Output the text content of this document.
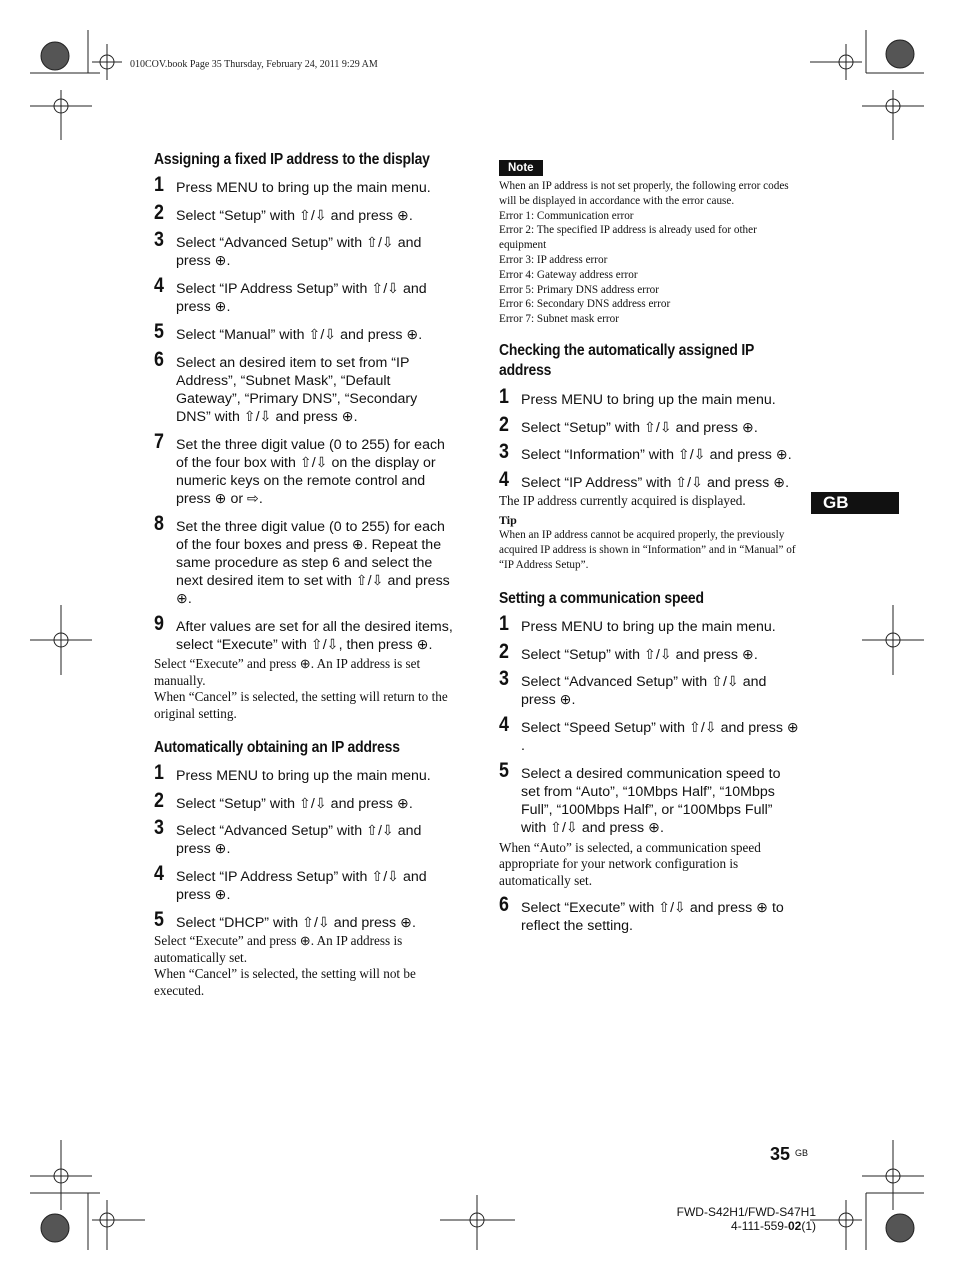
010COV.book Page 35 Thursday, February 24, 2011 9:29 AM
GB
Assigning a fixed IP address to the display
1 Press MENU to bring up the main menu.
2 Select “Setup” with ⇧/⇩ and press ⊕.
3 Select “Advanced Setup” with ⇧/⇩ and press ⊕.
4 Select “IP Address Setup” with ⇧/⇩ and press ⊕.
5 Select “Manual” with ⇧/⇩ and press ⊕.
6 Select an desired item to set from “IP Address”, “Subnet Mask”, “Default Gateway”, “Primary DNS”, “Secondary DNS” with ⇧/⇩ and press ⊕.
7 Set the three digit value (0 to 255) for each of the four box with ⇧/⇩ on the display or numeric keys on the remote control and press ⊕ or ⇨.
8 Set the three digit value (0 to 255) for each of the four boxes and press ⊕. Repeat the same procedure as step 6 and select the next desired item to set with ⇧/⇩ and press ⊕.
9 After values are set for all the desired items, select “Execute” with ⇧/⇩, then press ⊕.
Select “Execute” and press ⊕. An IP address is set manually.
When “Cancel” is selected, the setting will return to the original setting.
Automatically obtaining an IP address
1 Press MENU to bring up the main menu.
2 Select “Setup” with ⇧/⇩ and press ⊕.
3 Select “Advanced Setup” with ⇧/⇩ and press ⊕.
4 Select “IP Address Setup” with ⇧/⇩ and press ⊕.
5 Select “DHCP” with ⇧/⇩ and press ⊕.
Select “Execute” and press ⊕. An IP address is automatically set.
When “Cancel” is selected, the setting will not be executed.
Note
When an IP address is not set properly, the following error codes will be displayed in accordance with the error cause.
Error 1: Communication error
Error 2: The specified IP address is already used for other equipment
Error 3: IP address error
Error 4: Gateway address error
Error 5: Primary DNS address error
Error 6: Secondary DNS address error
Error 7: Subnet mask error
Checking the automatically assigned IP address
1 Press MENU to bring up the main menu.
2 Select “Setup” with ⇧/⇩ and press ⊕.
3 Select “Information” with ⇧/⇩ and press ⊕.
4 Select “IP Address” with ⇧/⇩ and press ⊕.
The IP address currently acquired is displayed.
Tip
When an IP address cannot be acquired properly, the previously acquired IP address is shown in “Information” and in “Manual” of “IP Address Setup”.
Setting a communication speed
1 Press MENU to bring up the main menu.
2 Select “Setup” with ⇧/⇩ and press ⊕.
3 Select “Advanced Setup” with ⇧/⇩ and press ⊕.
4 Select “Speed Setup” with ⇧/⇩ and press ⊕.
5 Select a desired communication speed to set from “Auto”, “10Mbps Half”, “10Mbps Full”, “100Mbps Half”, or “100Mbps Full” with ⇧/⇩ and press ⊕.
When “Auto” is selected, a communication speed appropriate for your network configuration is automatically set.
6 Select “Execute” with ⇧/⇩ and press ⊕ to reflect the setting.
35 GB
FWD-S42H1/FWD-S47H1
4-111-559-02(1)
